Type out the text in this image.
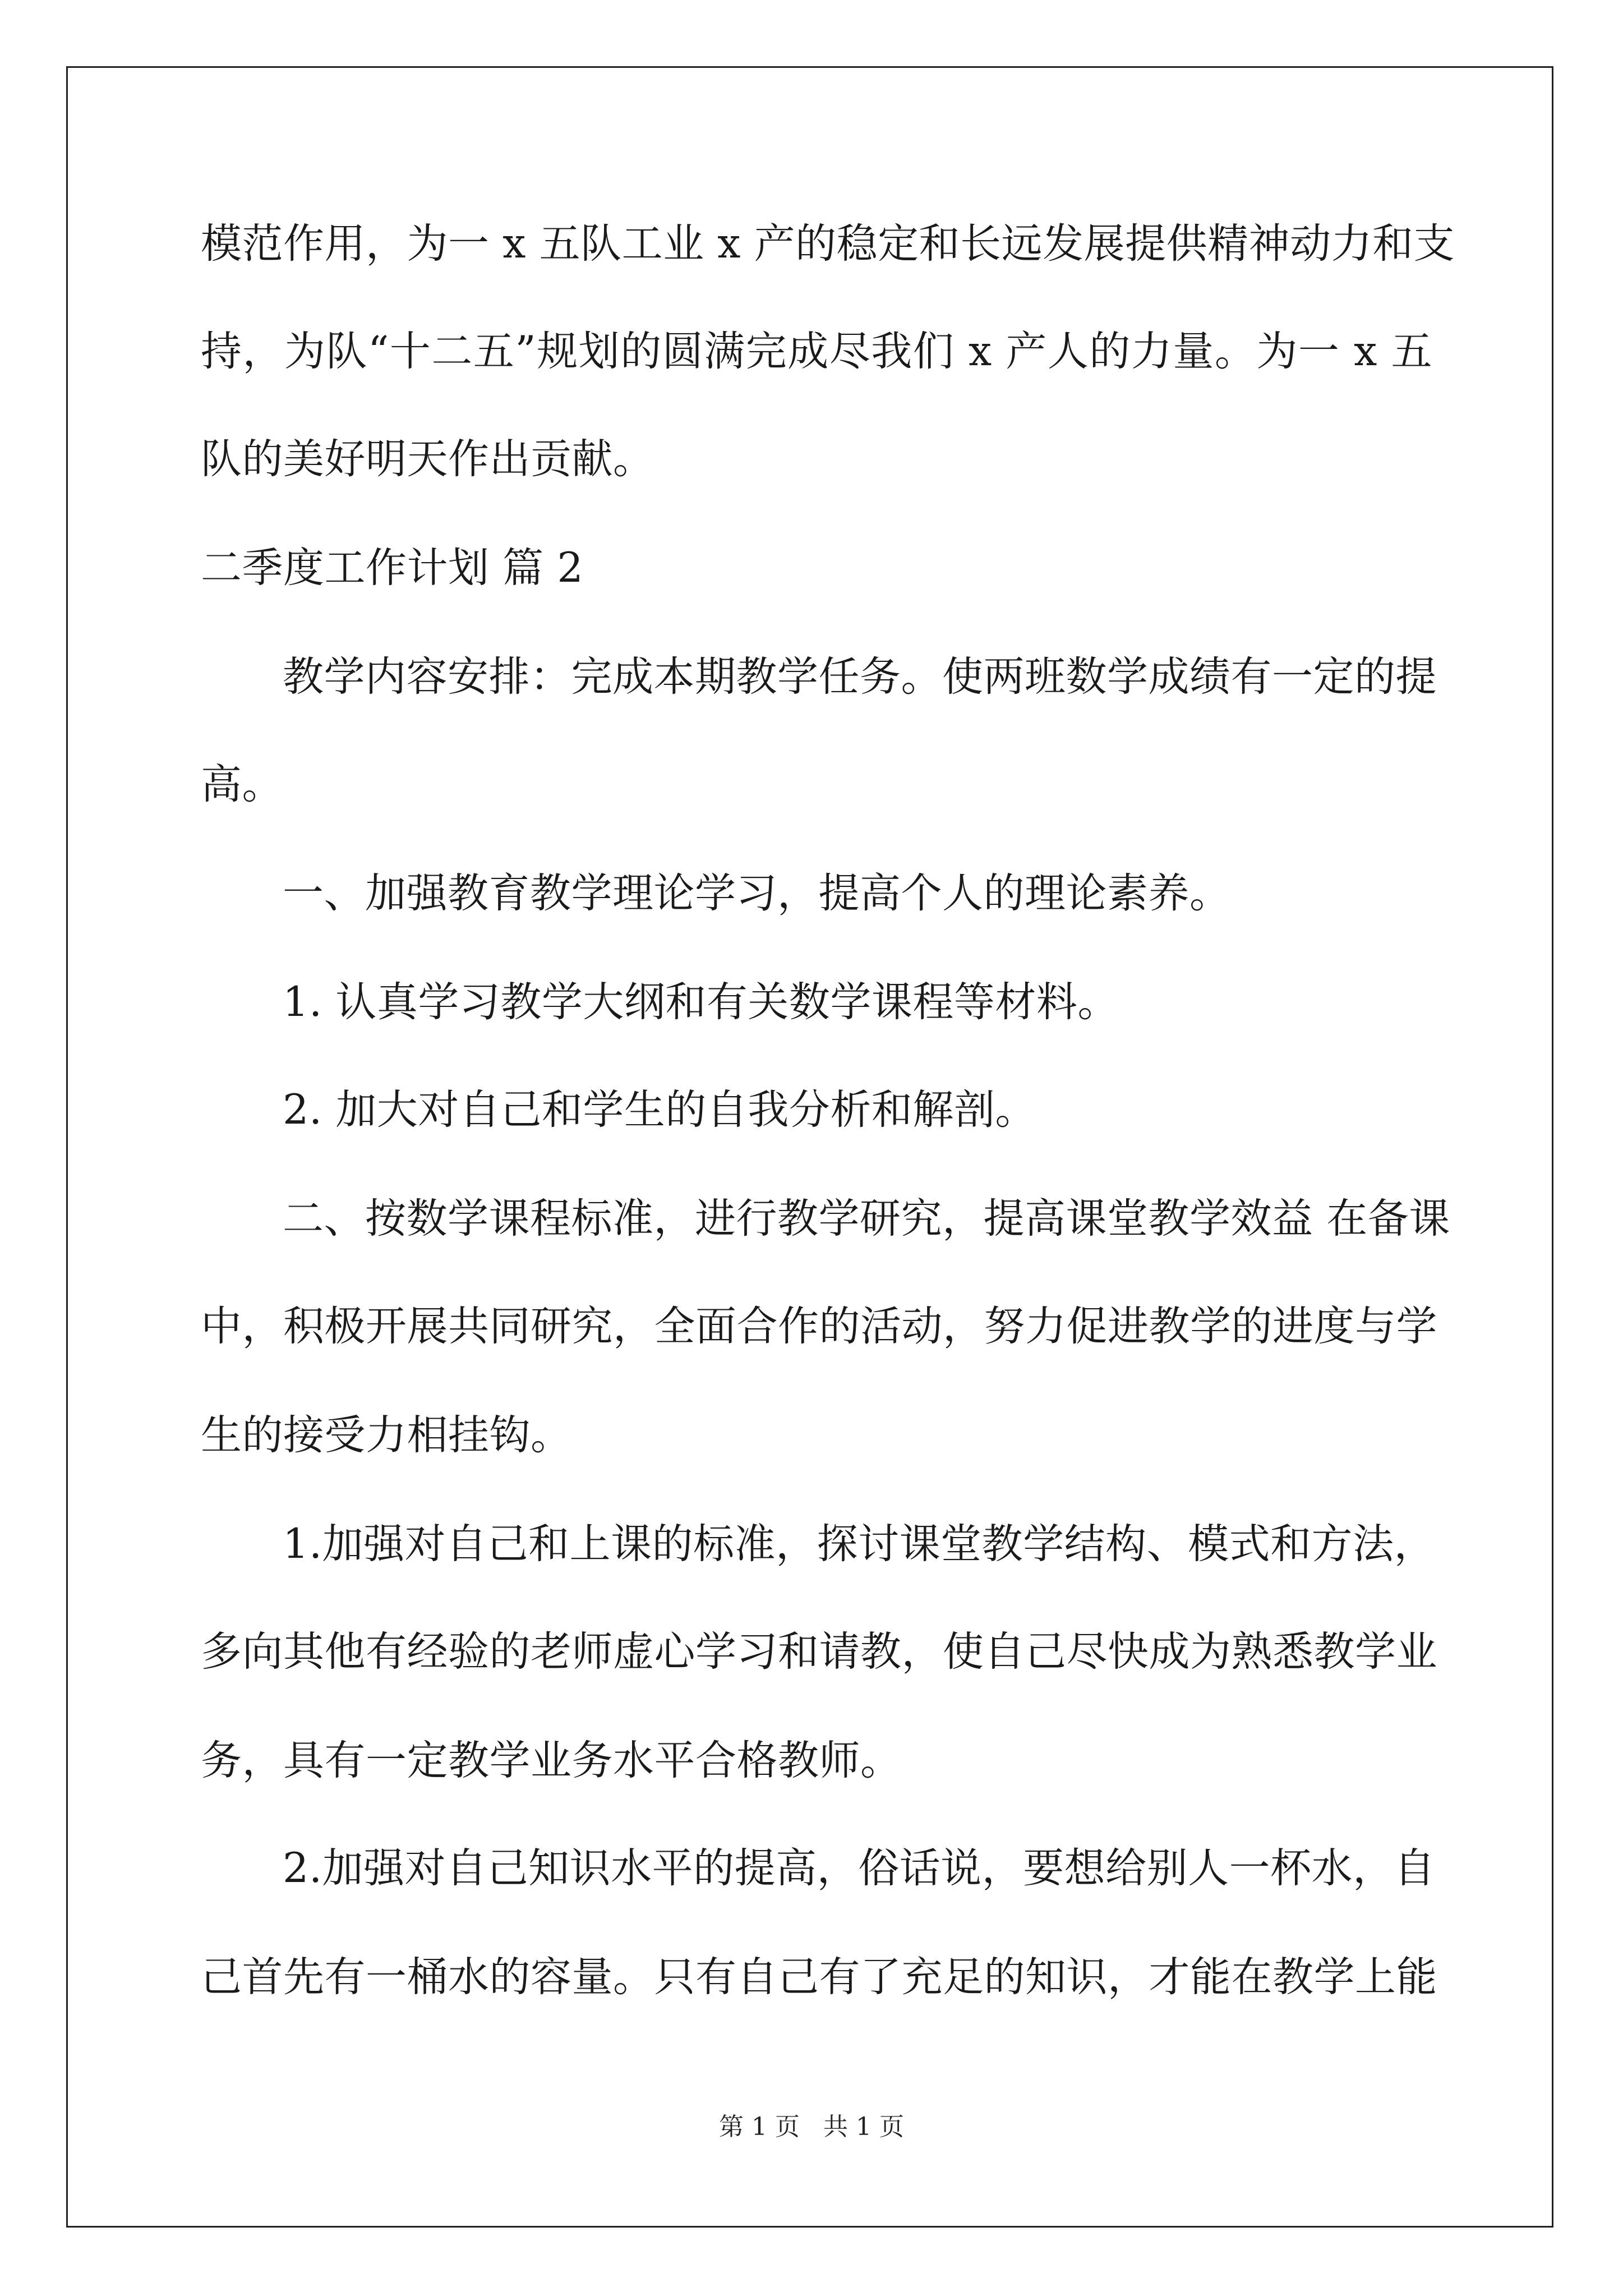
模范作用，为一 x 五队工业 x 产的稳定和长远发展提供精神动力和支
持，为队“十二五”规划的圆满完成尽我们 x 产人的力量。为一 x 五
队的美好明天作出贡献。
二季度工作计划 篇 2
教学内容安排：完成本期教学任务。使两班数学成绩有一定的提
高。
一、加强教育教学理论学习，提高个人的理论素养。
1. 认真学习教学大纲和有关数学课程等材料。
2. 加大对自己和学生的自我分析和解剖。
二、按数学课程标准，进行教学研究，提高课堂教学效益 在备课
中，积极开展共同研究，全面合作的活动，努力促进教学的进度与学
生的接受力相挂钩。
1.加强对自己和上课的标准，探讨课堂教学结构、模式和方法，
多向其他有经验的老师虚心学习和请教，使自己尽快成为熟悉教学业
务，具有一定教学业务水平合格教师。
2.加强对自己知识水平的提高，俗话说，要想给别人一杯水，自
己首先有一桶水的容量。只有自己有了充足的知识，才能在教学上能
第 1 页   共 1 页
